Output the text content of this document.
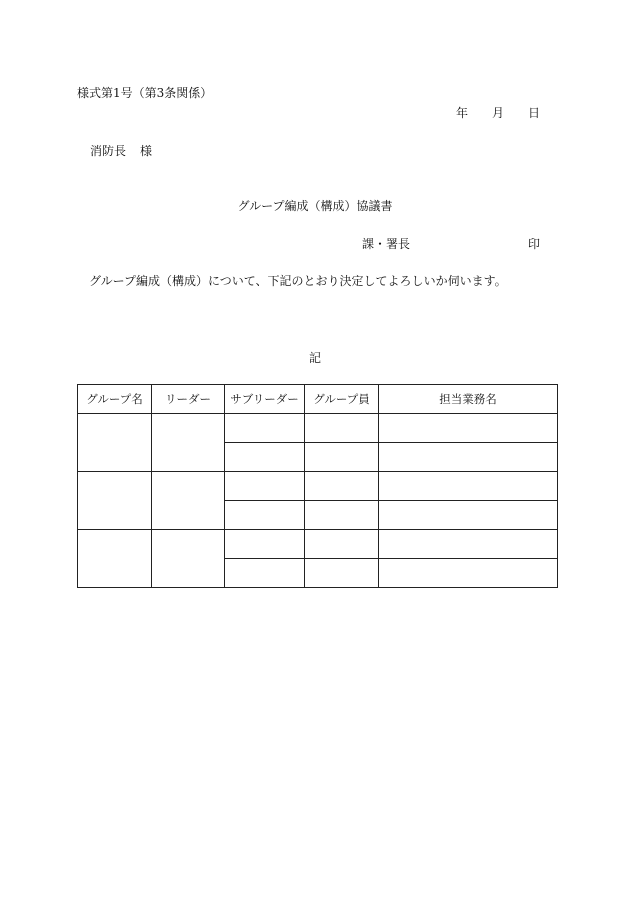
様式第1号（第3条関係）
年 月 日
消防長 様
グループ編成（構成）協議書
課・署長	印
グループ編成（構成）について、下記のとおり決定してよろしいか伺います。
記
グループ名	リーダー	サブリーダー	グループ員	担当業務名
